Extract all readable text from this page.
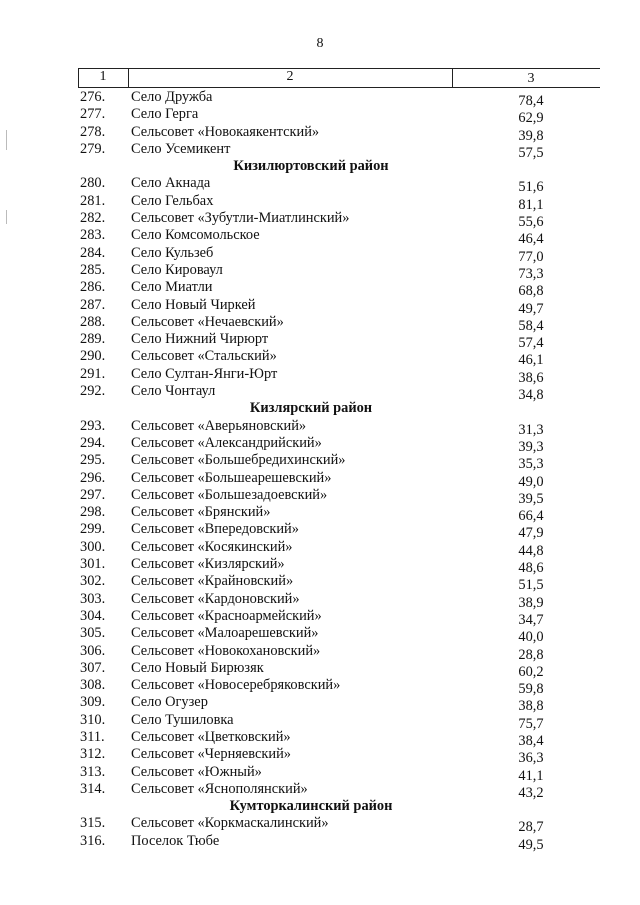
8
1	2	3
276. Село Дружба	78,4
277. Село Герга	62,9
278. Сельсовет «Новокаякентский»	39,8
279. Село Усемикент	57,5
Кизилюртовский район
280. Село Акнада	51,6
281. Село Гельбах	81,1
282. Сельсовет «Зубутли-Миатлинский»	55,6
283. Село Комсомольское	46,4
284. Село Кульзеб	77,0
285. Село Кироваул	73,3
286. Село Миатли	68,8
287. Село Новый Чиркей	49,7
288. Сельсовет «Нечаевский»	58,4
289. Село Нижний Чирюрт	57,4
290. Сельсовет «Стальский»	46,1
291. Село Султан-Янги-Юрт	38,6
292. Село Чонтаул	34,8
Кизлярский район
293. Сельсовет «Аверьяновский»	31,3
294. Сельсовет «Александрийский»	39,3
295. Сельсовет «Большебредихинский»	35,3
296. Сельсовет «Большеарешевский»	49,0
297. Сельсовет «Большезадоевский»	39,5
298. Сельсовет «Брянский»	66,4
299. Сельсовет «Впередовский»	47,9
300. Сельсовет «Косякинский»	44,8
301. Сельсовет «Кизлярский»	48,6
302. Сельсовет «Крайновский»	51,5
303. Сельсовет «Кардоновский»	38,9
304. Сельсовет «Красноармейский»	34,7
305. Сельсовет «Малоарешевский»	40,0
306. Сельсовет «Новокохановский»	28,8
307. Село Новый Бирюзяк	60,2
308. Сельсовет «Новосеребряковский»	59,8
309. Село Огузер	38,8
310. Село Тушиловка	75,7
311. Сельсовет «Цветковский»	38,4
312. Сельсовет «Черняевский»	36,3
313. Сельсовет «Южный»	41,1
314. Сельсовет «Яснополянский»	43,2
Кумторкалинский район
315. Сельсовет «Коркмаскалинский»	28,7
316. Поселок Тюбе	49,5
